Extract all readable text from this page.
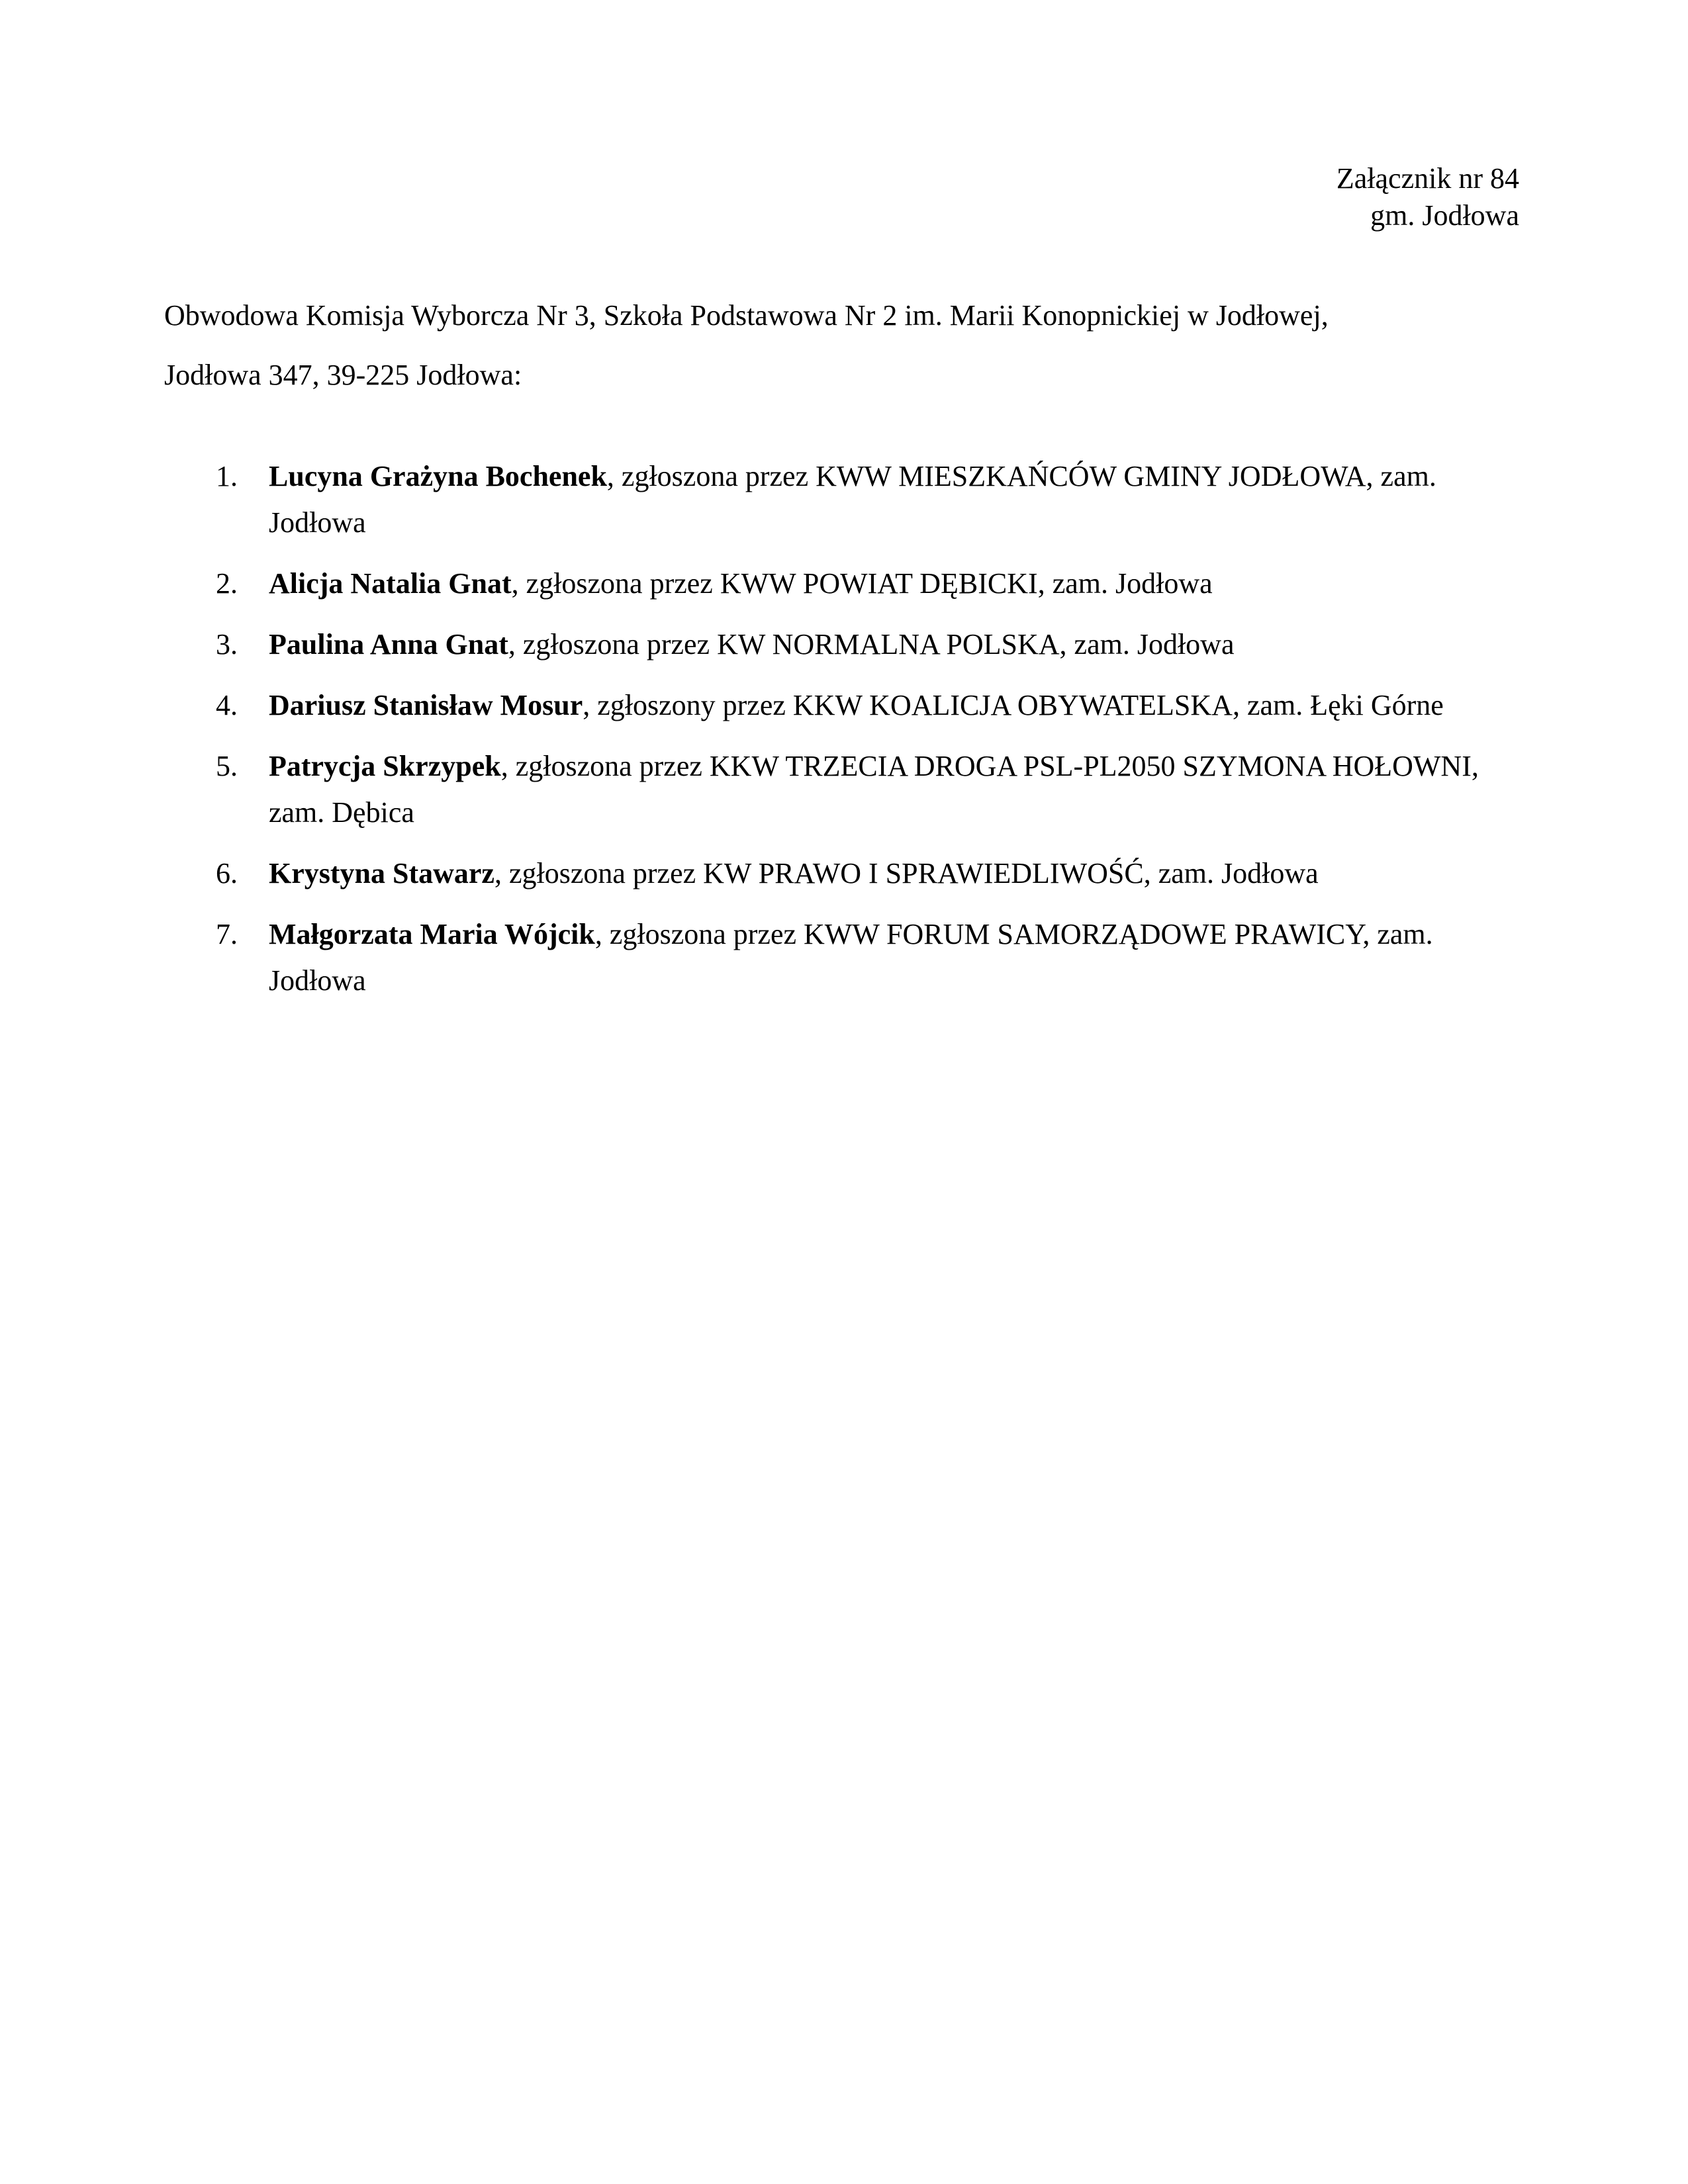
Załącznik nr 84
gm. Jodłowa
Obwodowa Komisja Wyborcza Nr 3, Szkoła Podstawowa Nr 2 im. Marii Konopnickiej w Jodłowej,
Jodłowa 347, 39-225 Jodłowa:
1. Lucyna Grażyna Bochenek, zgłoszona przez KWW MIESZKAŃCÓW GMINY JODŁOWA, zam. Jodłowa
2. Alicja Natalia Gnat, zgłoszona przez KWW POWIAT DĘBICKI, zam. Jodłowa
3. Paulina Anna Gnat, zgłoszona przez KW NORMALNA POLSKA, zam. Jodłowa
4. Dariusz Stanisław Mosur, zgłoszony przez KKW KOALICJA OBYWATELSKA, zam. Łęki Górne
5. Patrycja Skrzypek, zgłoszona przez KKW TRZECIA DROGA PSL-PL2050 SZYMONA HOŁOWNI, zam. Dębica
6. Krystyna Stawarz, zgłoszona przez KW PRAWO I SPRAWIEDLIWOŚĆ, zam. Jodłowa
7. Małgorzata Maria Wójcik, zgłoszona przez KWW FORUM SAMORZĄDOWE PRAWICY, zam. Jodłowa
